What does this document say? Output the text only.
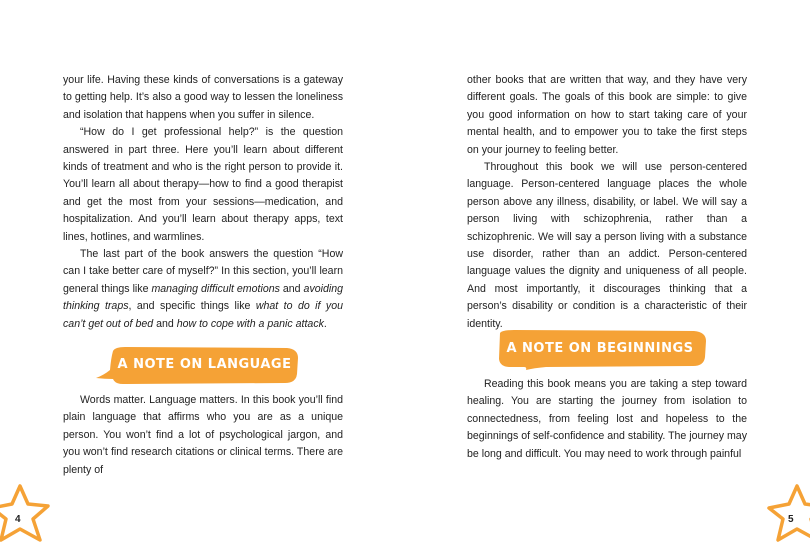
your life. Having these kinds of conversations is a gateway to getting help. It’s also a good way to lessen the loneliness and isolation that happens when you suffer in silence.

“How do I get professional help?” is the question answered in part three. Here you’ll learn about different kinds of treatment and who is the right person to provide it. You’ll learn all about therapy—how to find a good therapist and get the most from your sessions—medication, and hospitalization. And you’ll learn about therapy apps, text lines, hotlines, and warmlines.

The last part of the book answers the question “How can I take better care of myself?” In this section, you’ll learn general things like managing difficult emotions and avoiding thinking traps, and specific things like what to do if you can’t get out of bed and how to cope with a panic attack.

A NOTE ON LANGUAGE

Words matter. Language matters. In this book you’ll find plain language that affirms who you are as a unique person. You won’t find a lot of psychological jargon, and you won’t find research citations or clinical terms. There are plenty of

4

other books that are written that way, and they have very different goals. The goals of this book are simple: to give you good information on how to start taking care of your mental health, and to empower you to take the first steps on your journey to feeling better.

Throughout this book we will use person-centered language. Person-centered language places the whole person above any illness, disability, or label. We will say a person living with schizophrenia, rather than a schizophrenic. We will say a person living with a substance use disorder, rather than an addict. Person-centered language values the dignity and uniqueness of all people. And most importantly, it discourages thinking that a person’s disability or condition is a characteristic of their identity.

A NOTE ON BEGINNINGS

Reading this book means you are taking a step toward healing. You are starting the journey from isolation to connectedness, from feeling lost and hopeless to the beginnings of self-confidence and stability. The journey may be long and difficult. You may need to work through painful

5
